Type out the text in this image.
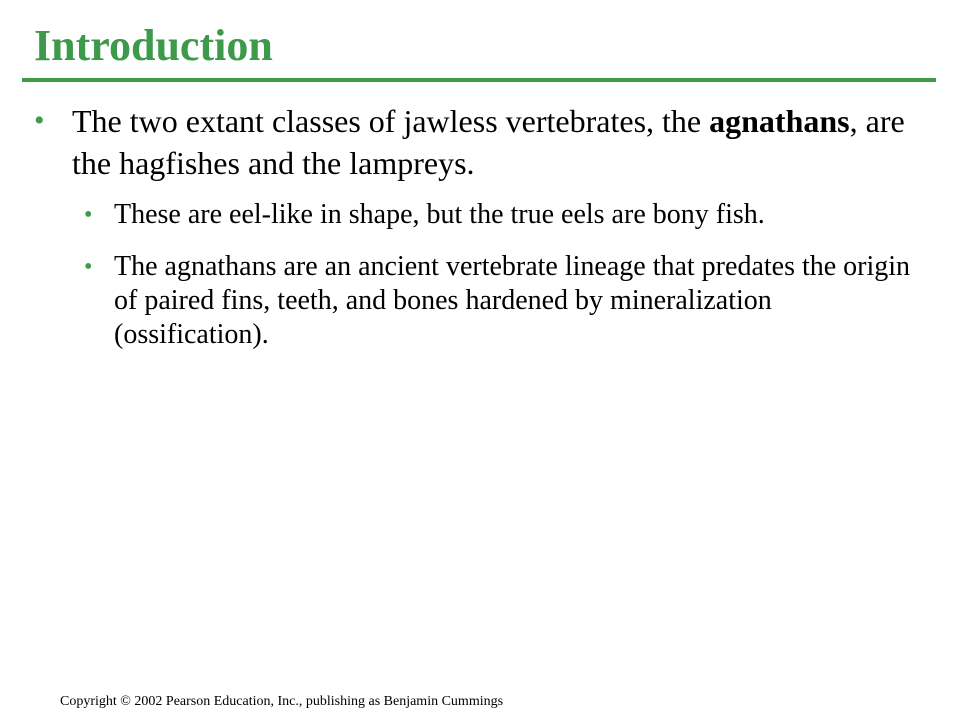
Introduction
• The two extant classes of jawless vertebrates, the agnathans, are the hagfishes and the lampreys.
• These are eel-like in shape, but the true eels are bony fish.
• The agnathans are an ancient vertebrate lineage that predates the origin of paired fins, teeth, and bones hardened by mineralization (ossification).
Copyright © 2002 Pearson Education, Inc., publishing as Benjamin Cummings
